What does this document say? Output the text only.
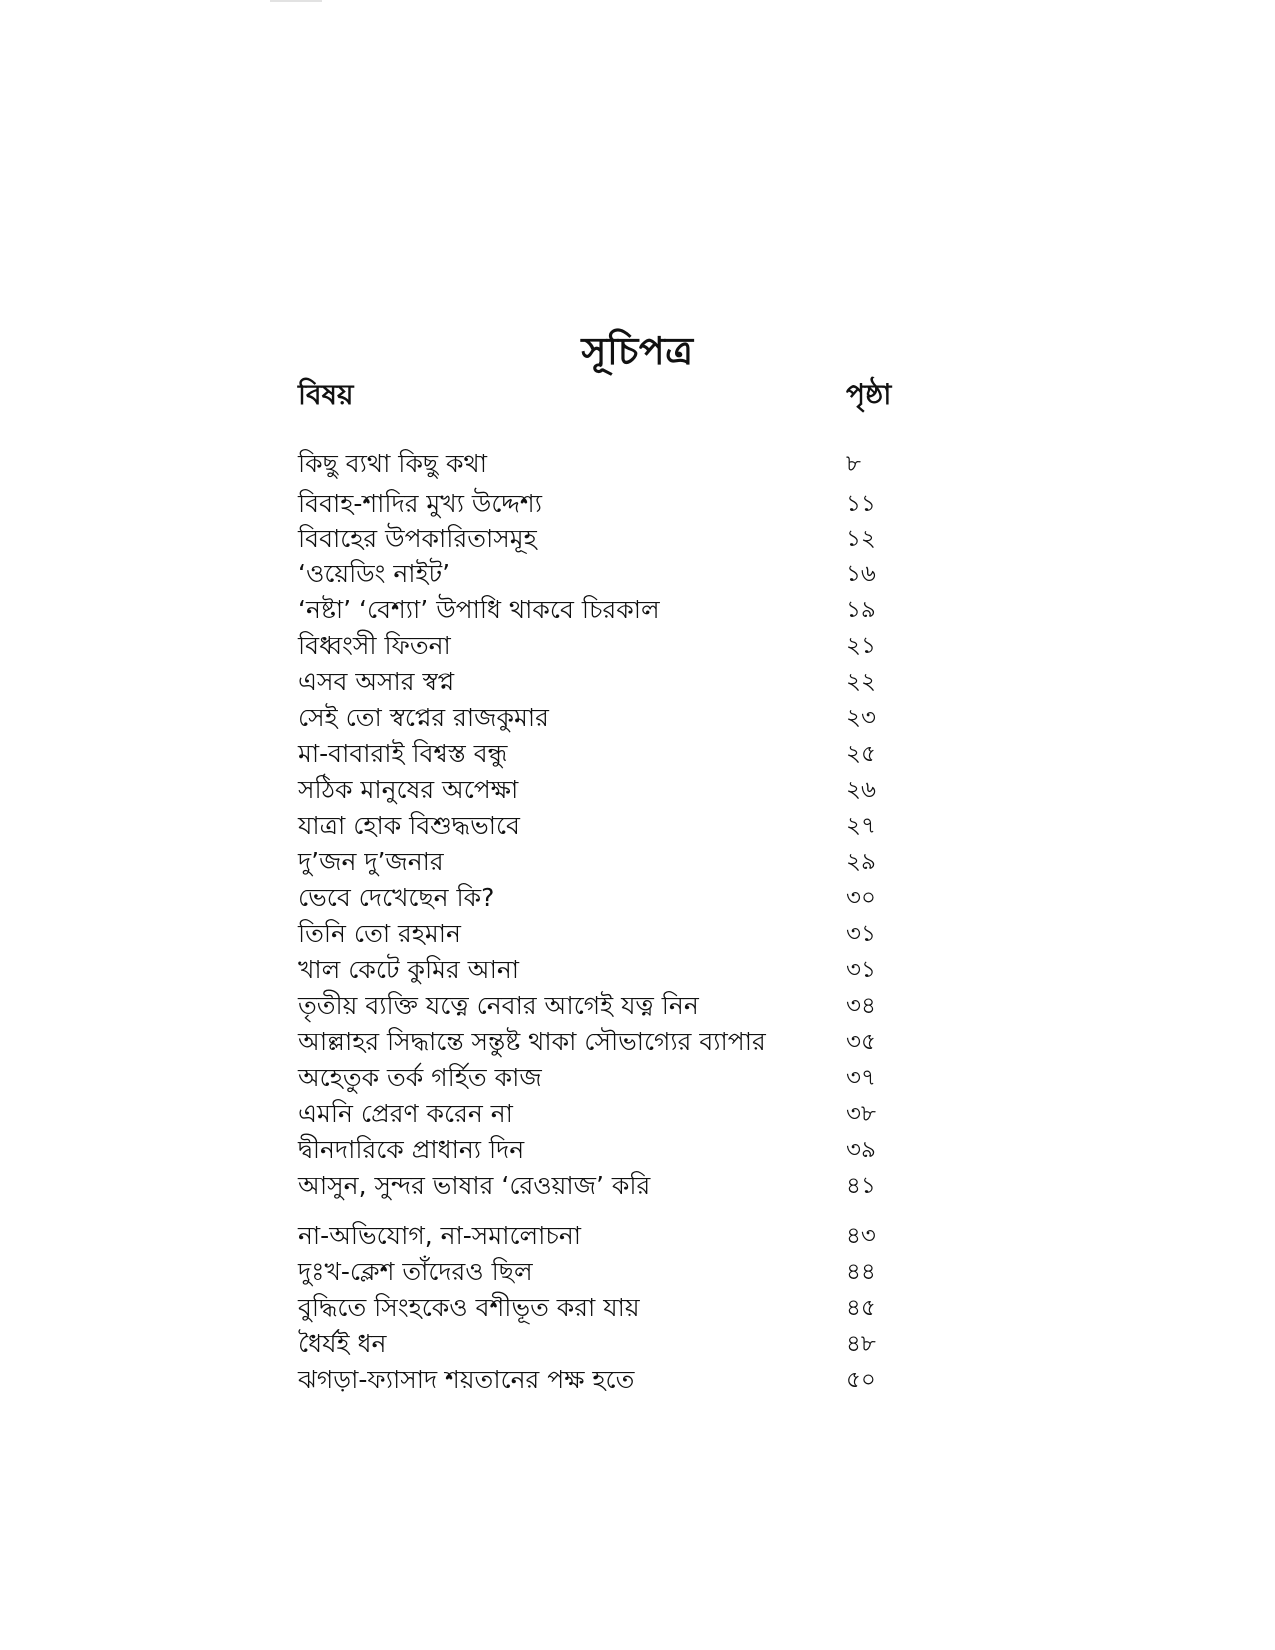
সূচিপত্র
বিষয়	পৃষ্ঠা
কিছু ব্যথা কিছু কথা	৮
বিবাহ-শাদির মুখ্য উদ্দেশ্য	১১
বিবাহের উপকারিতাসমূহ	১২
‘ওয়েডিং নাইট’	১৬
‘নষ্টা’ ‘বেশ্যা’ উপাধি থাকবে চিরকাল	১৯
বিধ্বংসী ফিতনা	২১
এসব অসার স্বপ্ন	২২
সেই তো স্বপ্নের রাজকুমার	২৩
মা-বাবারাই বিশ্বস্ত বন্ধু	২৫
সঠিক মানুষের অপেক্ষা	২৬
যাত্রা হোক বিশুদ্ধভাবে	২৭
দু’জন দু’জনার	২৯
ভেবে দেখেছেন কি?	৩০
তিনি তো রহমান	৩১
খাল কেটে কুমির আনা	৩১
তৃতীয় ব্যক্তি যত্নে নেবার আগেই যত্ন নিন	৩৪
আল্লাহর সিদ্ধান্তে সন্তুষ্ট থাকা সৌভাগ্যের ব্যাপার	৩৫
অহেতুক তর্ক গর্হিত কাজ	৩৭
এমনি প্রেরণ করেন না	৩৮
দ্বীনদারিকে প্রাধান্য দিন	৩৯
আসুন, সুন্দর ভাষার ‘রেওয়াজ’ করি	৪১
না-অভিযোগ, না-সমালোচনা	৪৩
দুঃখ-ক্লেশ তাঁদেরও ছিল	৪৪
বুদ্ধিতে সিংহকেও বশীভূত করা যায়	৪৫
ধৈর্যই ধন	৪৮
ঝগড়া-ফ্যাসাদ শয়তানের পক্ষ হতে	৫০
